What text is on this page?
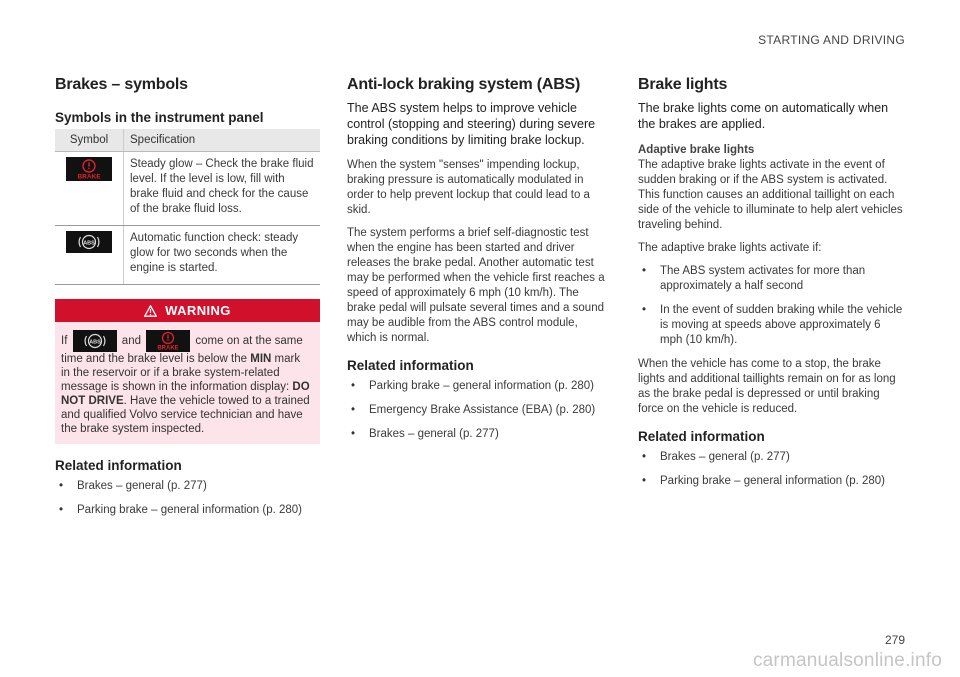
STARTING AND DRIVING
Brakes – symbols
Symbols in the instrument panel
Symbol	Specification

BRAKE	Steady glow – Check the brake fluid level. If the level is low, fill with brake fluid and check for the cause of the brake fluid loss.

ABS	Automatic function check: steady glow for two seconds when the engine is started.
WARNING
If	ABS and
BRAKE
come on at the same time and the brake level is below the MIN mark in the reservoir or if a brake system-related message is shown in the information display: DO NOT DRIVE. Have the vehicle towed to a trained and qualified Volvo service technician and have the brake system inspected.
Related information
• Brakes – general (p. 277)
• Parking brake – general information (p. 280)
Anti-lock braking system (ABS)

The ABS system helps to improve vehicle control (stopping and steering) during severe braking conditions by limiting brake lockup.

When the system "senses" impending lockup, braking pressure is automatically modulated in order to help prevent lockup that could lead to a skid.

The system performs a brief self-diagnostic test when the engine has been started and driver releases the brake pedal. Another automatic test may be performed when the vehicle first reaches a speed of approximately 6 mph (10 km/h). The brake pedal will pulsate several times and a sound may be audible from the ABS control module, which is normal.

Related information
• Parking brake – general information (p. 280)
• Emergency Brake Assistance (EBA) (p. 280)
• Brakes – general (p. 277)
Brake lights

The brake lights come on automatically when the brakes are applied.

Adaptive brake lights

The adaptive brake lights activate in the event of sudden braking or if the ABS system is activated. This function causes an additional taillight on each side of the vehicle to illuminate to help alert vehicles traveling behind.

The adaptive brake lights activate if:

• The ABS system activates for more than approximately a half second
• In the event of sudden braking while the vehicle is moving at speeds above approximately 6 mph (10 km/h).

When the vehicle has come to a stop, the brake lights and additional taillights remain on for as long as the brake pedal is depressed or until braking force on the vehicle is reduced.

Related information
• Brakes – general (p. 277)
• Parking brake – general information (p. 280)
279
carmanualsonline.info
